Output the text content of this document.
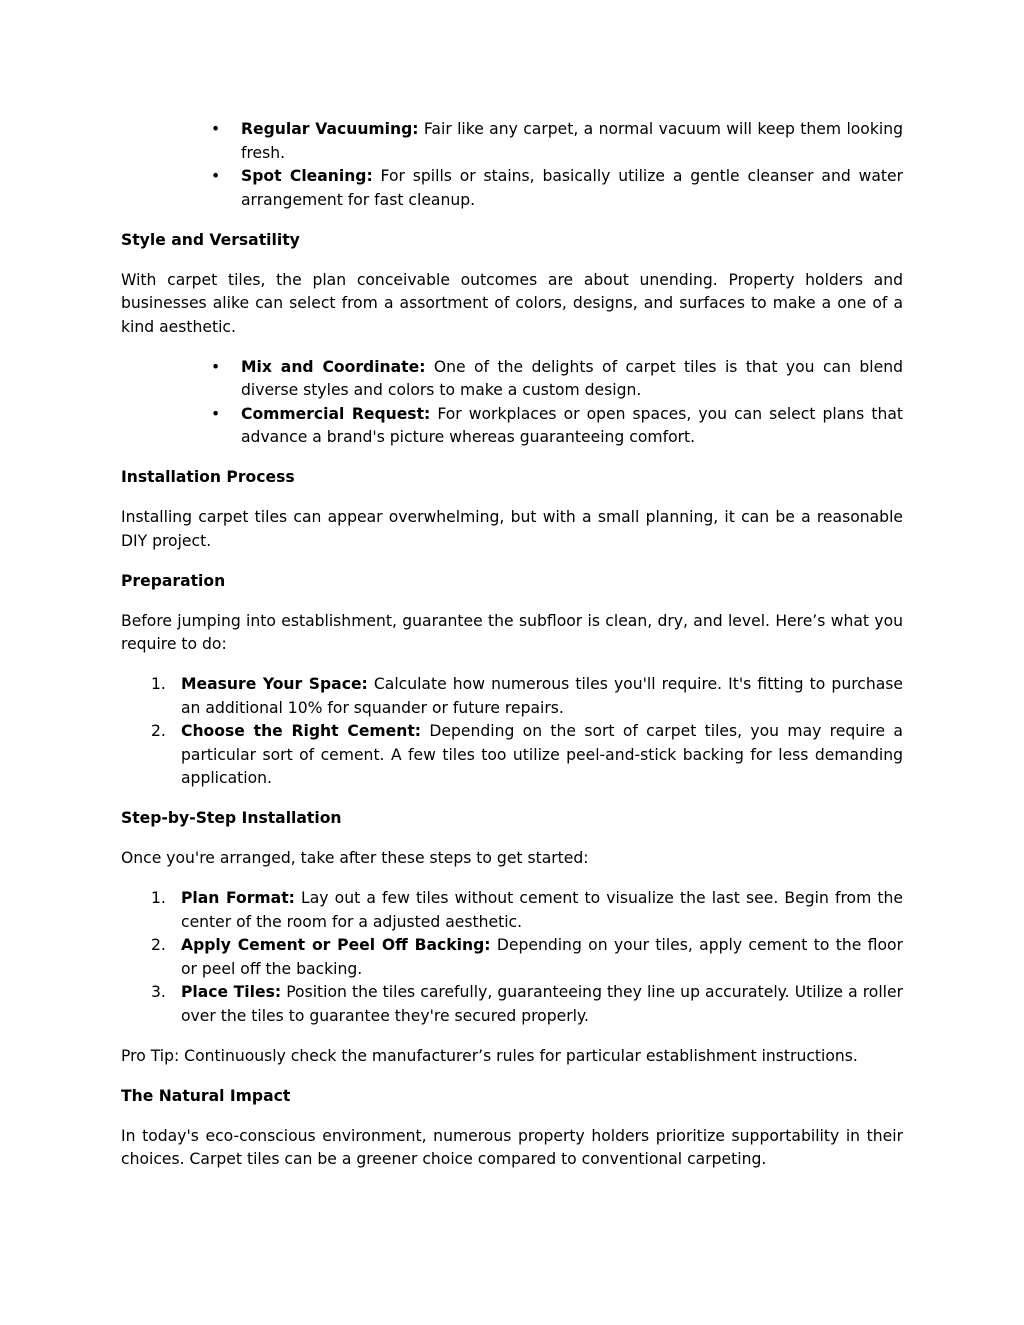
•	Regular Vacuuming: Fair like any carpet, a normal vacuum will keep them looking fresh.
•	Spot Cleaning: For spills or stains, basically utilize a gentle cleanser and water arrangement for fast cleanup.
Style and Versatility

With carpet tiles, the plan conceivable outcomes are about unending. Property holders and businesses alike can select from a assortment of colors, designs, and surfaces to make a one of a kind aesthetic.

•	Mix and Coordinate: One of the delights of carpet tiles is that you can blend diverse styles and colors to make a custom design.
•	Commercial Request: For workplaces or open spaces, you can select plans that advance a brand's picture whereas guaranteeing comfort.
Installation Process

Installing carpet tiles can appear overwhelming, but with a small planning, it can be a reasonable DIY project.

Preparation

Before jumping into establishment, guarantee the subfloor is clean, dry, and level. Here’s what you require to do:

1. Measure Your Space: Calculate how numerous tiles you'll require. It's fitting to purchase an additional 10% for squander or future repairs.
2. Choose the Right Cement: Depending on the sort of carpet tiles, you may require a particular sort of cement. A few tiles too utilize peel-and-stick backing for less demanding application.
Step-by-Step Installation

Once you're arranged, take after these steps to get started:

1. Plan Format: Lay out a few tiles without cement to visualize the last see. Begin from the center of the room for a adjusted aesthetic.
2. Apply Cement or Peel Off Backing: Depending on your tiles, apply cement to the floor or peel off the backing.
3. Place Tiles: Position the tiles carefully, guaranteeing they line up accurately. Utilize a roller over the tiles to guarantee they're secured properly.

Pro Tip: Continuously check the manufacturer’s rules for particular establishment instructions.

The Natural Impact

In today's eco-conscious environment, numerous property holders prioritize supportability in their choices. Carpet tiles can be a greener choice compared to conventional carpeting.
